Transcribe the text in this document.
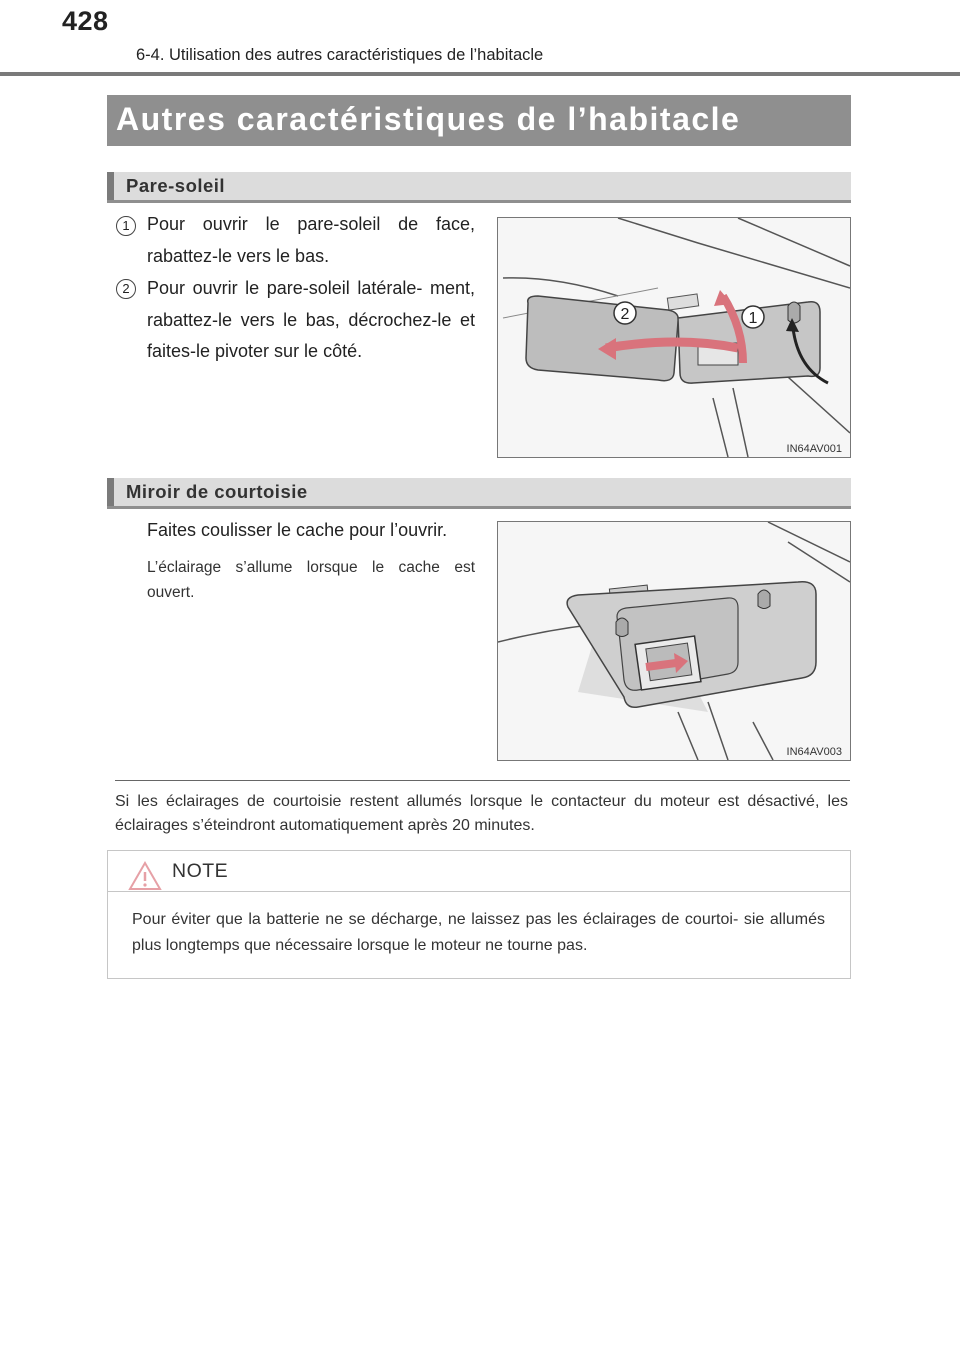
428
6-4. Utilisation des autres caractéristiques de l’habitacle
Autres caractéristiques de l’habitacle
Pare-soleil
1 Pour ouvrir le pare-soleil de face, rabattez-le vers le bas.
2 Pour ouvrir le pare-soleil latérale- ment, rabattez-le vers le bas, décrochez-le et faites-le pivoter sur le côté.
2	1
IN64AV001
Miroir de courtoisie
Faites coulisser le cache pour l’ouvrir.
L’éclairage s’allume lorsque le cache est ouvert.
IN64AV003
Si les éclairages de courtoisie restent allumés lorsque le contacteur du moteur est désactivé, les éclairages s’éteindront automatiquement après 20 minutes.
NOTE
Pour éviter que la batterie ne se décharge, ne laissez pas les éclairages de courtoi- sie allumés plus longtemps que nécessaire lorsque le moteur ne tourne pas.
